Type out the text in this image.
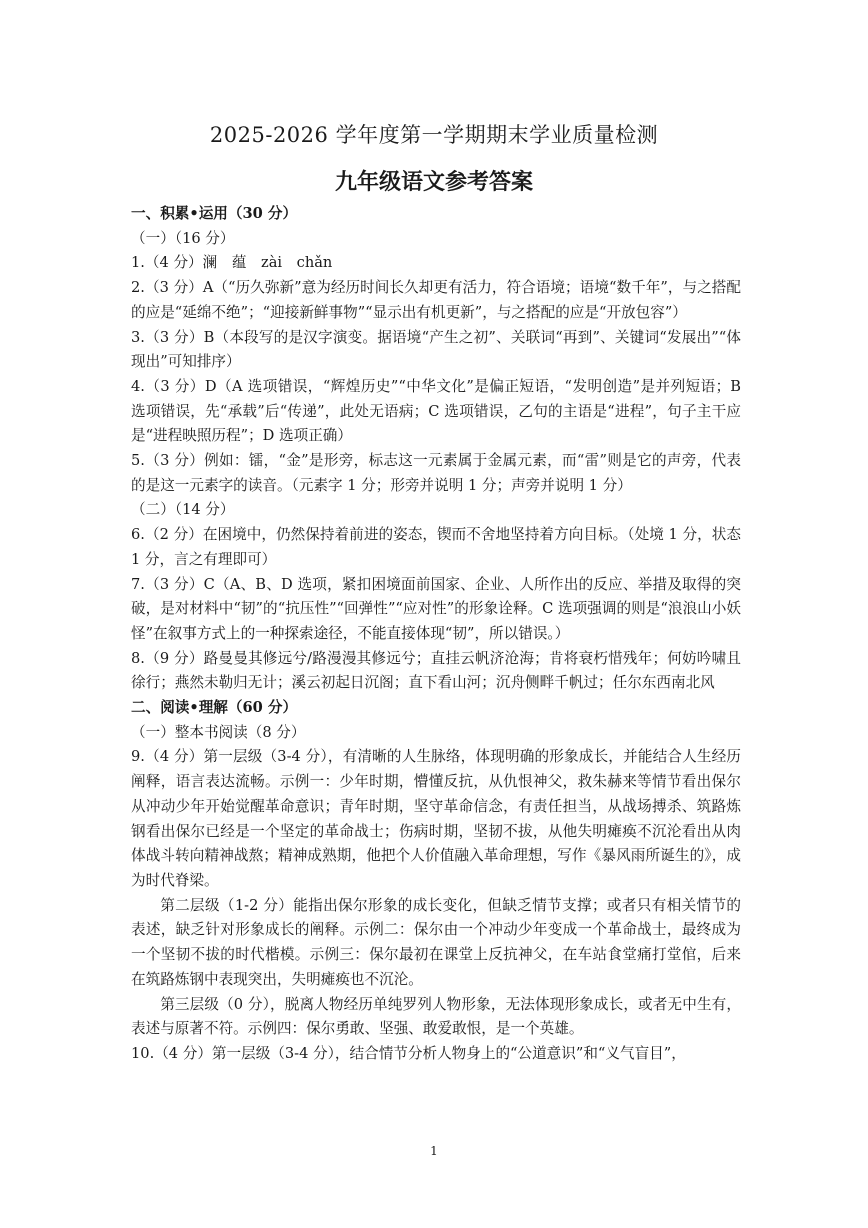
2025-2026 学年度第一学期期末学业质量检测
九年级语文参考答案

一、积累•运用（30 分）

（一）（16 分）

1.（4 分）澜　蕴　zài　chǎn

2.（3 分）A（“历久弥新”意为经历时间长久却更有活力，符合语境；语境“数千年”，与之搭配的应是“延绵不绝”；“迎接新鲜事物”“显示出有机更新”，与之搭配的应是“开放包容”）

3.（3 分）B（本段写的是汉字演变。据语境“产生之初”、关联词“再到”、关键词“发展出”“体现出”可知排序）

4.（3 分）D（A 选项错误，“辉煌历史”“中华文化”是偏正短语，“发明创造”是并列短语；B 选项错误，先“承载”后“传递”，此处无语病；C 选项错误，乙句的主语是“进程”，句子主干应是“进程映照历程”；D 选项正确）

5.（3 分）例如：镭，“金”是形旁，标志这一元素属于金属元素，而“雷”则是它的声旁，代表的是这一元素字的读音。（元素字 1 分；形旁并说明 1 分；声旁并说明 1 分）

（二）（14 分）

6.（2 分）在困境中，仍然保持着前进的姿态，锲而不舍地坚持着方向目标。（处境 1 分，状态 1 分，言之有理即可）

7.（3 分）C（A、B、D 选项，紧扣困境面前国家、企业、人所作出的反应、举措及取得的突破，是对材料中“韧”的“抗压性”“回弹性”“应对性”的形象诠释。C 选项强调的则是“浪浪山小妖怪”在叙事方式上的一种探索途径，不能直接体现“韧”，所以错误。）

8.（9 分）路曼曼其修远兮/路漫漫其修远兮；直挂云帆济沧海；肯将衰朽惜残年；何妨吟啸且徐行；燕然未勒归无计；溪云初起日沉阁；直下看山河；沉舟侧畔千帆过；任尔东西南北风

二、阅读•理解（60 分）

（一）整本书阅读（8 分）

9.（4 分）第一层级（3-4 分），有清晰的人生脉络，体现明确的形象成长，并能结合人生经历阐释，语言表达流畅。示例一：少年时期，懵懂反抗，从仇恨神父，救朱赫来等情节看出保尔从冲动少年开始觉醒革命意识；青年时期，坚守革命信念，有责任担当，从战场搏杀、筑路炼钢看出保尔已经是一个坚定的革命战士；伤病时期，坚韧不拔，从他失明瘫痪不沉沦看出从肉体战斗转向精神战熬；精神成熟期，他把个人价值融入革命理想，写作《暴风雨所诞生的》，成为时代脊梁。

第二层级（1-2 分）能指出保尔形象的成长变化，但缺乏情节支撑；或者只有相关情节的表述，缺乏针对形象成长的阐释。示例二：保尔由一个冲动少年变成一个革命战士，最终成为一个坚韧不拔的时代楷模。示例三：保尔最初在课堂上反抗神父，在车站食堂痛打堂倌，后来在筑路炼钢中表现突出，失明瘫痪也不沉沦。

第三层级（0 分），脱离人物经历单纯罗列人物形象，无法体现形象成长，或者无中生有，表述与原著不符。示例四：保尔勇敢、坚强、敢爱敢恨，是一个英雄。

10.（4 分）第一层级（3-4 分），结合情节分析人物身上的“公道意识”和“义气盲目”，

1
